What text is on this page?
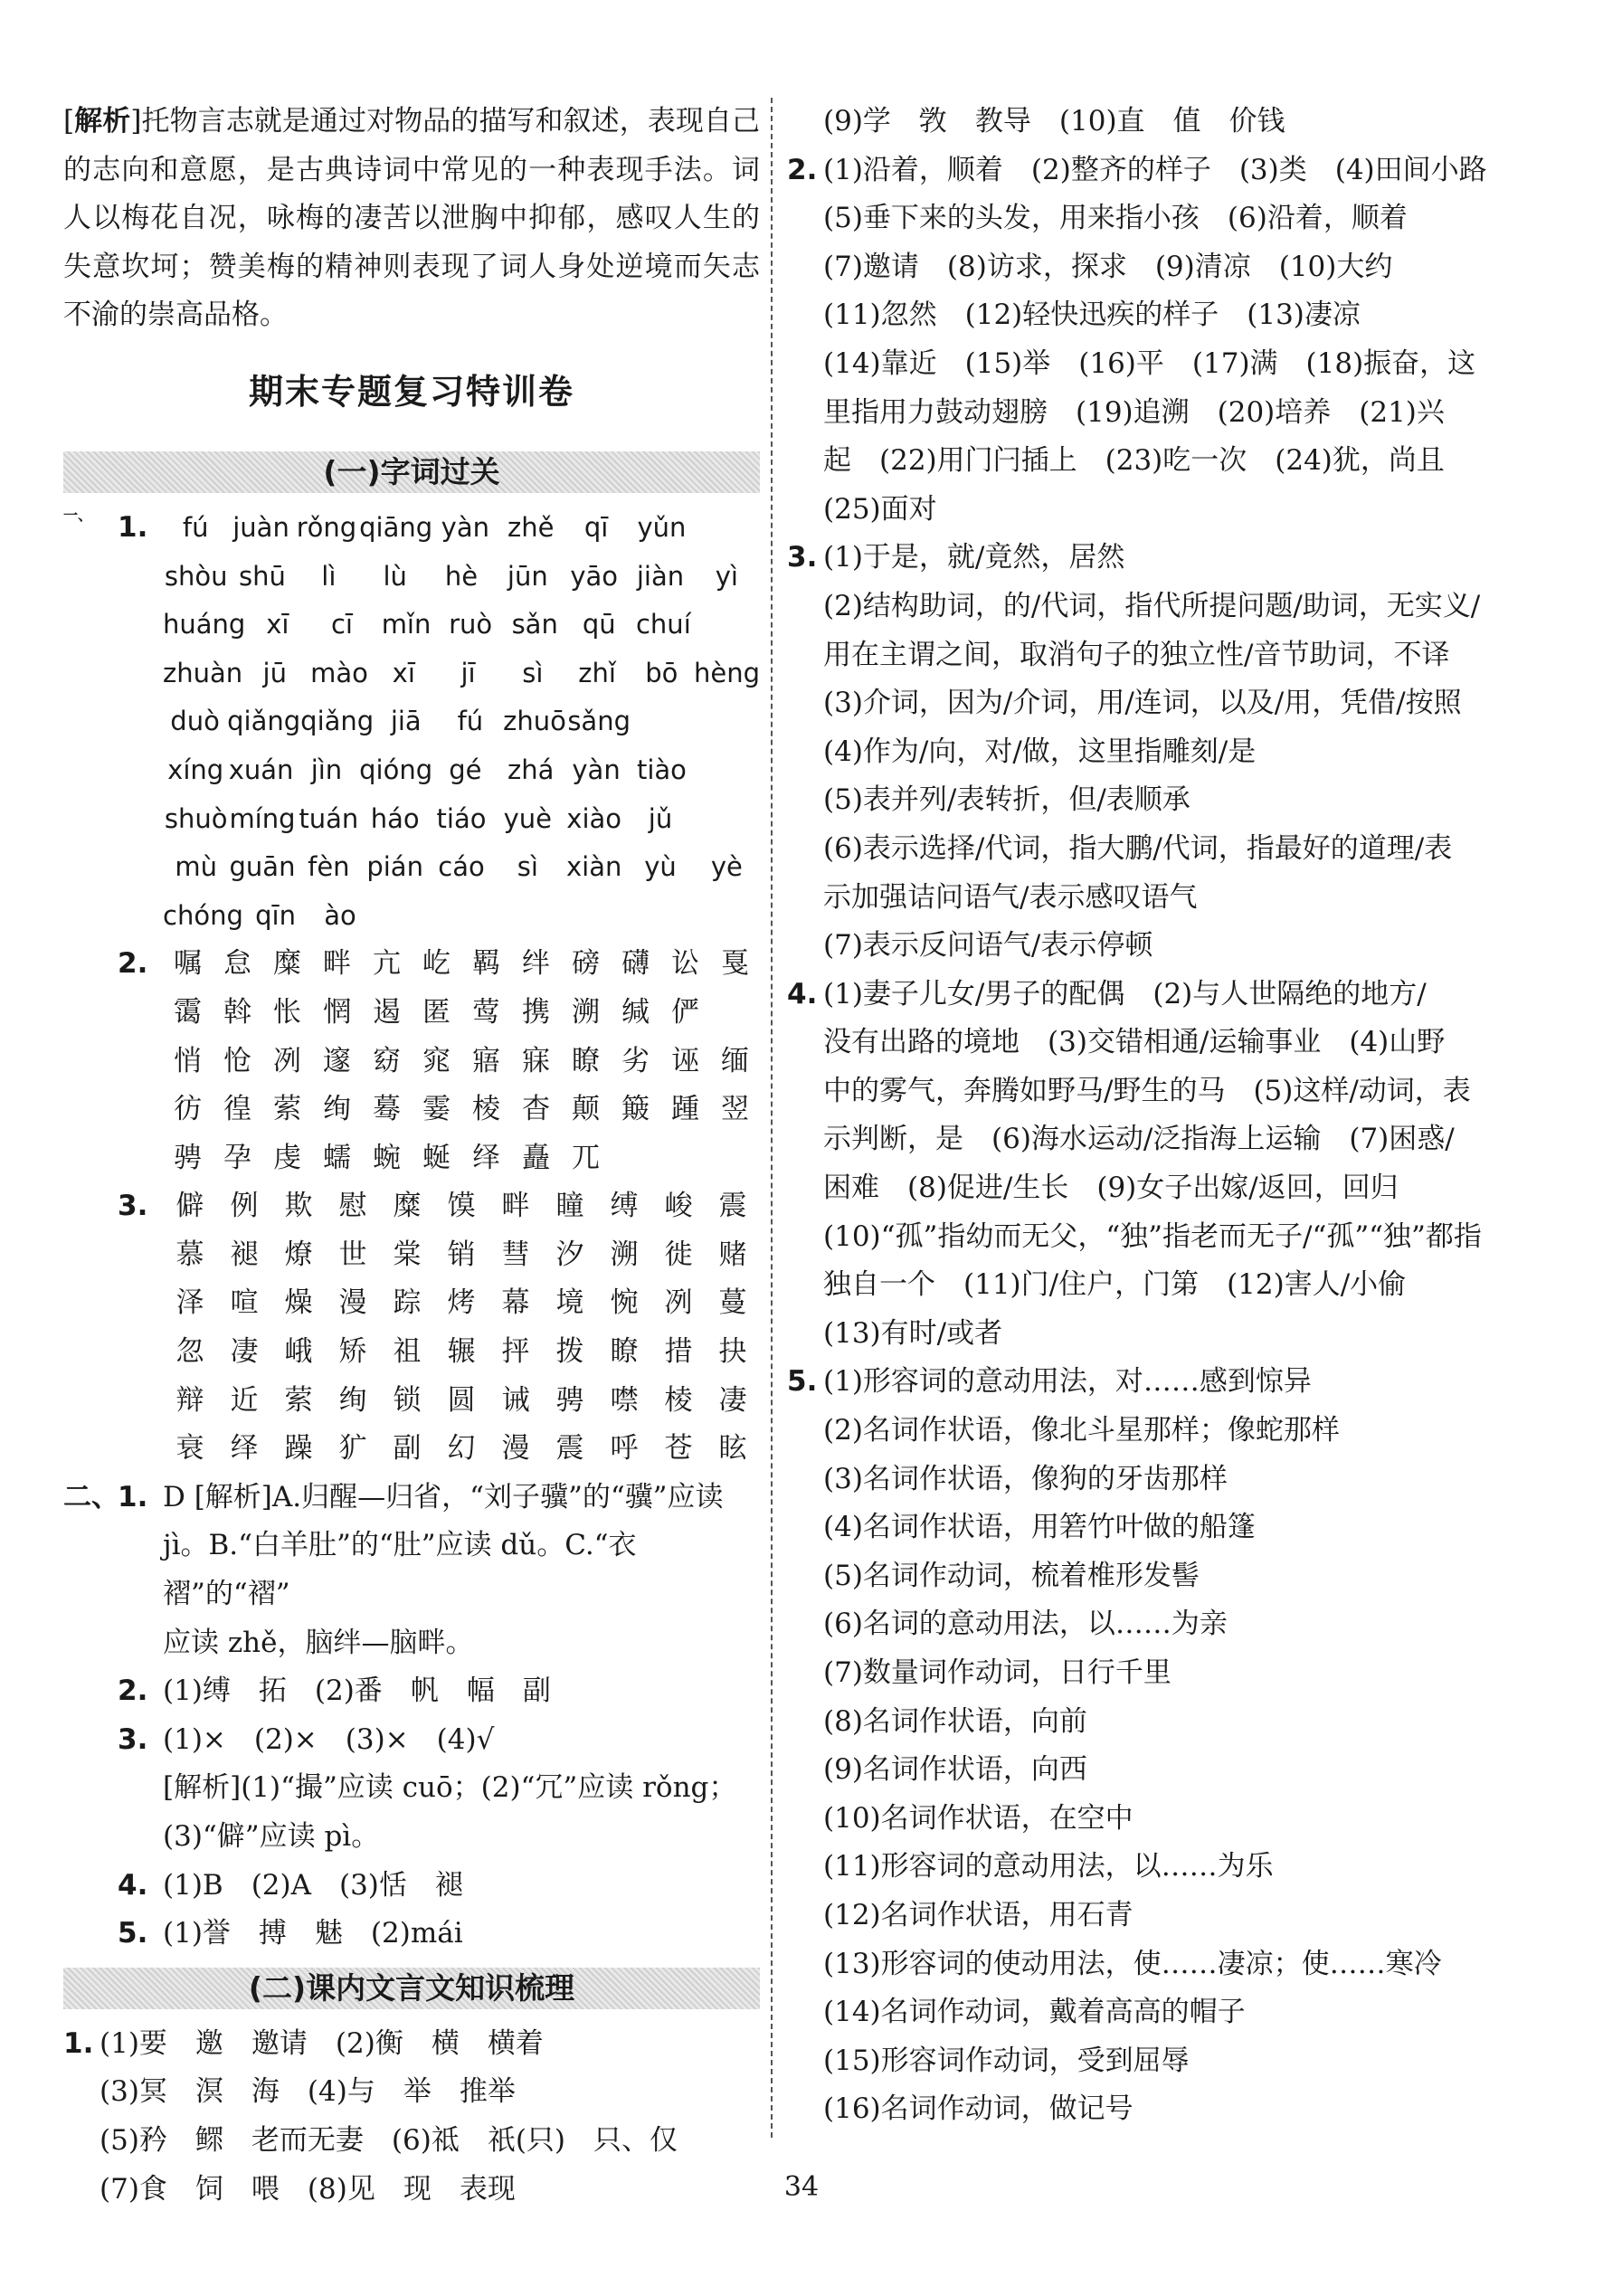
[解析]托物言志就是通过对物品的描写和叙述，表现自己的志向和意愿，是古典诗词中常见的一种表现手法。词人以梅花自况，咏梅的凄苦以泄胸中抑郁，感叹人生的失意坎坷；赞美梅的精神则表现了词人身处逆境而矢志不渝的崇高品格。
期末专题复习特训卷
(一)字词过关
一、 1.	fú juàn rǒng qiāng yàn zhě	qī	yǔn
shòu shū	lì	lù	hè	jūn yāo jiàn	yì
huáng xī	cī	mǐn ruò sǎn qū chuí
zhuàn jū mào xī	jī	sì	zhǐ	bō hèng
duò qiǎng qiǎng jiā	fú zhuō sǎng
xíng xuán jìn qióng gé zhá yàn tiào
shuò míng tuán háo tiáo yuè xiào	jǔ
mù guān fèn pián cáo	sì	xiàn yù	yè
chóng qīn	ào
2. 嘱 怠 糜 畔 亢 屹 羁 绊 磅 礴 讼 戛
霭 斡 怅 惘 遏 匿 莺 携 溯 缄 俨
悄 怆 冽 邃 窈 窕 寤 寐 瞭 劣 诬 缅
彷 徨 萦 绚 蓦 霎 棱 杳 颠 簸 踵 翌
骋 孕 虔 蠕 蜿 蜒 绎 矗 兀
3.	僻 例 欺 慰 糜 馍 畔 瞳 缚 峻 震
慕 褪 燎 世 棠 销 彗 汐 溯 徙 赌
泽 喧 燥 漫 踪 烤 幕 境 惋 冽 蔓
忽 凄 峨 矫 祖 辗 抨 拨 瞭 措 抉
辩 近 萦 绚 锁 圆 诫 骋 噤 棱 凄
衰 绎 躁 犷 副 幻 漫 震 呼 苍 眩
二、
1. D [解析]A.归醒—归省，“刘子骥”的“骥”应读
jì。B.“白羊肚”的“肚”应读 dǔ。C.“衣褶”的“褶”
应读 zhě，脑绊—脑畔。
2. (1)缚　拓　(2)番　帆　幅　副
3. (1)×　(2)×　(3)×　(4)√
[解析](1)“撮”应读 cuō；(2)“冗”应读 rǒng；
(3)“僻”应读 pì。
4. (1)B　(2)A　(3)恬　褪
5. (1)誉　搏　魅　(2)mái
(二)课内文言文知识梳理
1. (1)要　邀　邀请　(2)衡　横　横着
(3)冥　溟　海　(4)与　举　推举
(5)矜　鳏　老而无妻　(6)祗　祇(只)　只、仅
(7)食　饲　喂　(8)见　现　表现
(9)学　敩　教导　(10)直　值　价钱
2. (1)沿着，顺着　(2)整齐的样子　(3)类　(4)田间小路
(5)垂下来的头发，用来指小孩　(6)沿着，顺着
(7)邀请　(8)访求，探求　(9)清凉　(10)大约
(11)忽然　(12)轻快迅疾的样子　(13)凄凉
(14)靠近　(15)举　(16)平　(17)满　(18)振奋，这
里指用力鼓动翅膀　(19)追溯　(20)培养　(21)兴
起　(22)用门闩插上　(23)吃一次　(24)犹，尚且
(25)面对
3. (1)于是，就/竟然，居然
(2)结构助词，的/代词，指代所提问题/助词，无实义/
用在主谓之间，取消句子的独立性/音节助词，不译
(3)介词，因为/介词，用/连词，以及/用，凭借/按照
(4)作为/向，对/做，这里指雕刻/是
(5)表并列/表转折，但/表顺承
(6)表示选择/代词，指大鹏/代词，指最好的道理/表
示加强诘问语气/表示感叹语气
(7)表示反问语气/表示停顿
4. (1)妻子儿女/男子的配偶　(2)与人世隔绝的地方/
没有出路的境地　(3)交错相通/运输事业　(4)山野
中的雾气，奔腾如野马/野生的马　(5)这样/动词，表
示判断，是　(6)海水运动/泛指海上运输　(7)困惑/
困难　(8)促进/生长　(9)女子出嫁/返回，回归
(10)“孤”指幼而无父，“独”指老而无子/“孤”“独”都指
独自一个　(11)门/住户，门第　(12)害人/小偷
(13)有时/或者
5. (1)形容词的意动用法，对……感到惊异
(2)名词作状语，像北斗星那样；像蛇那样
(3)名词作状语，像狗的牙齿那样
(4)名词作状语，用箬竹叶做的船篷
(5)名词作动词，梳着椎形发髻
(6)名词的意动用法，以……为亲
(7)数量词作动词，日行千里
(8)名词作状语，向前
(9)名词作状语，向西
(10)名词作状语，在空中
(11)形容词的意动用法，以……为乐
(12)名词作状语，用石青
(13)形容词的使动用法，使……凄凉；使……寒冷
(14)名词作动词，戴着高高的帽子
(15)形容词作动词，受到屈辱
(16)名词作动词，做记号
34
